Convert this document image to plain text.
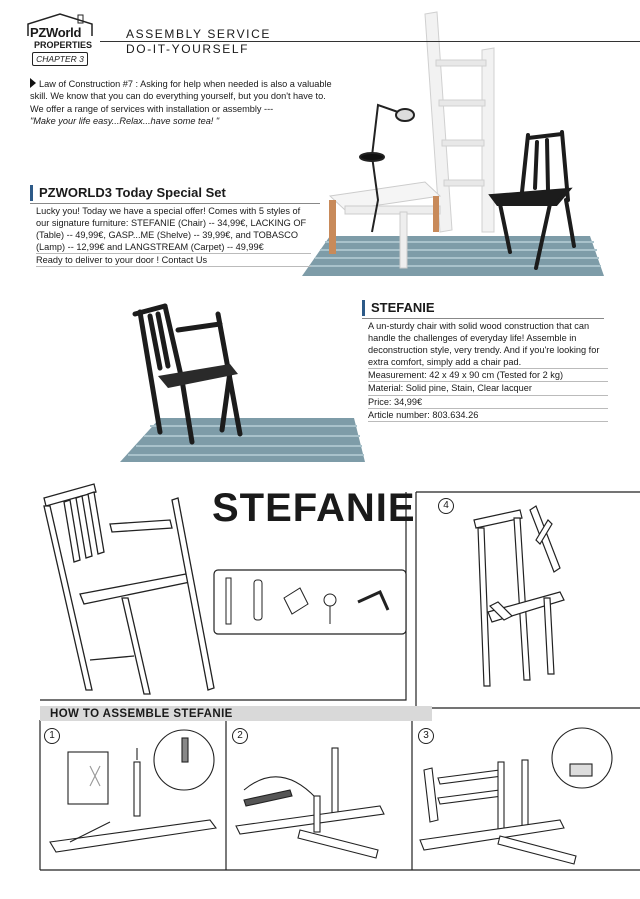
PZWorld
PROPERTIES
CHAPTER 3
ASSEMBLY SERVICE
DO-IT-YOURSELF
Law of Construction #7 : Asking for help when needed is also a valuable skill. We know that you can do everything yourself, but you don't have to. We offer a range of services with installation or assembly ---
"Make your life easy...Relax...have some tea! "
PZWORLD3 Today Special Set
Lucky you! Today we have a special offer! Comes with 5 styles of our signature furniture: STEFANIE (Chair) -- 34,99€, LACKING OF (Table) -- 49,99€, GASP...ME (Shelve) -- 39,99€, and TOBASCO (Lamp) -- 12,99€ and LANGSTREAM (Carpet) -- 49,99€
Ready to deliver to your door ! Contact Us
STEFANIE
A un-sturdy chair with solid wood construction that can handle the challenges of everyday life! Assemble in deconstruction style, very trendy. And if you're looking for extra comfort, simply add a chair pad.
Measurement: 42 x 49 x 90 cm (Tested for 2 kg)
Material: Solid pine, Stain, Clear lacquer
Price: 34,99€
Article number: 803.634.26
STEFANIE
HOW TO ASSEMBLE STEFANIE
4
1	2	3
